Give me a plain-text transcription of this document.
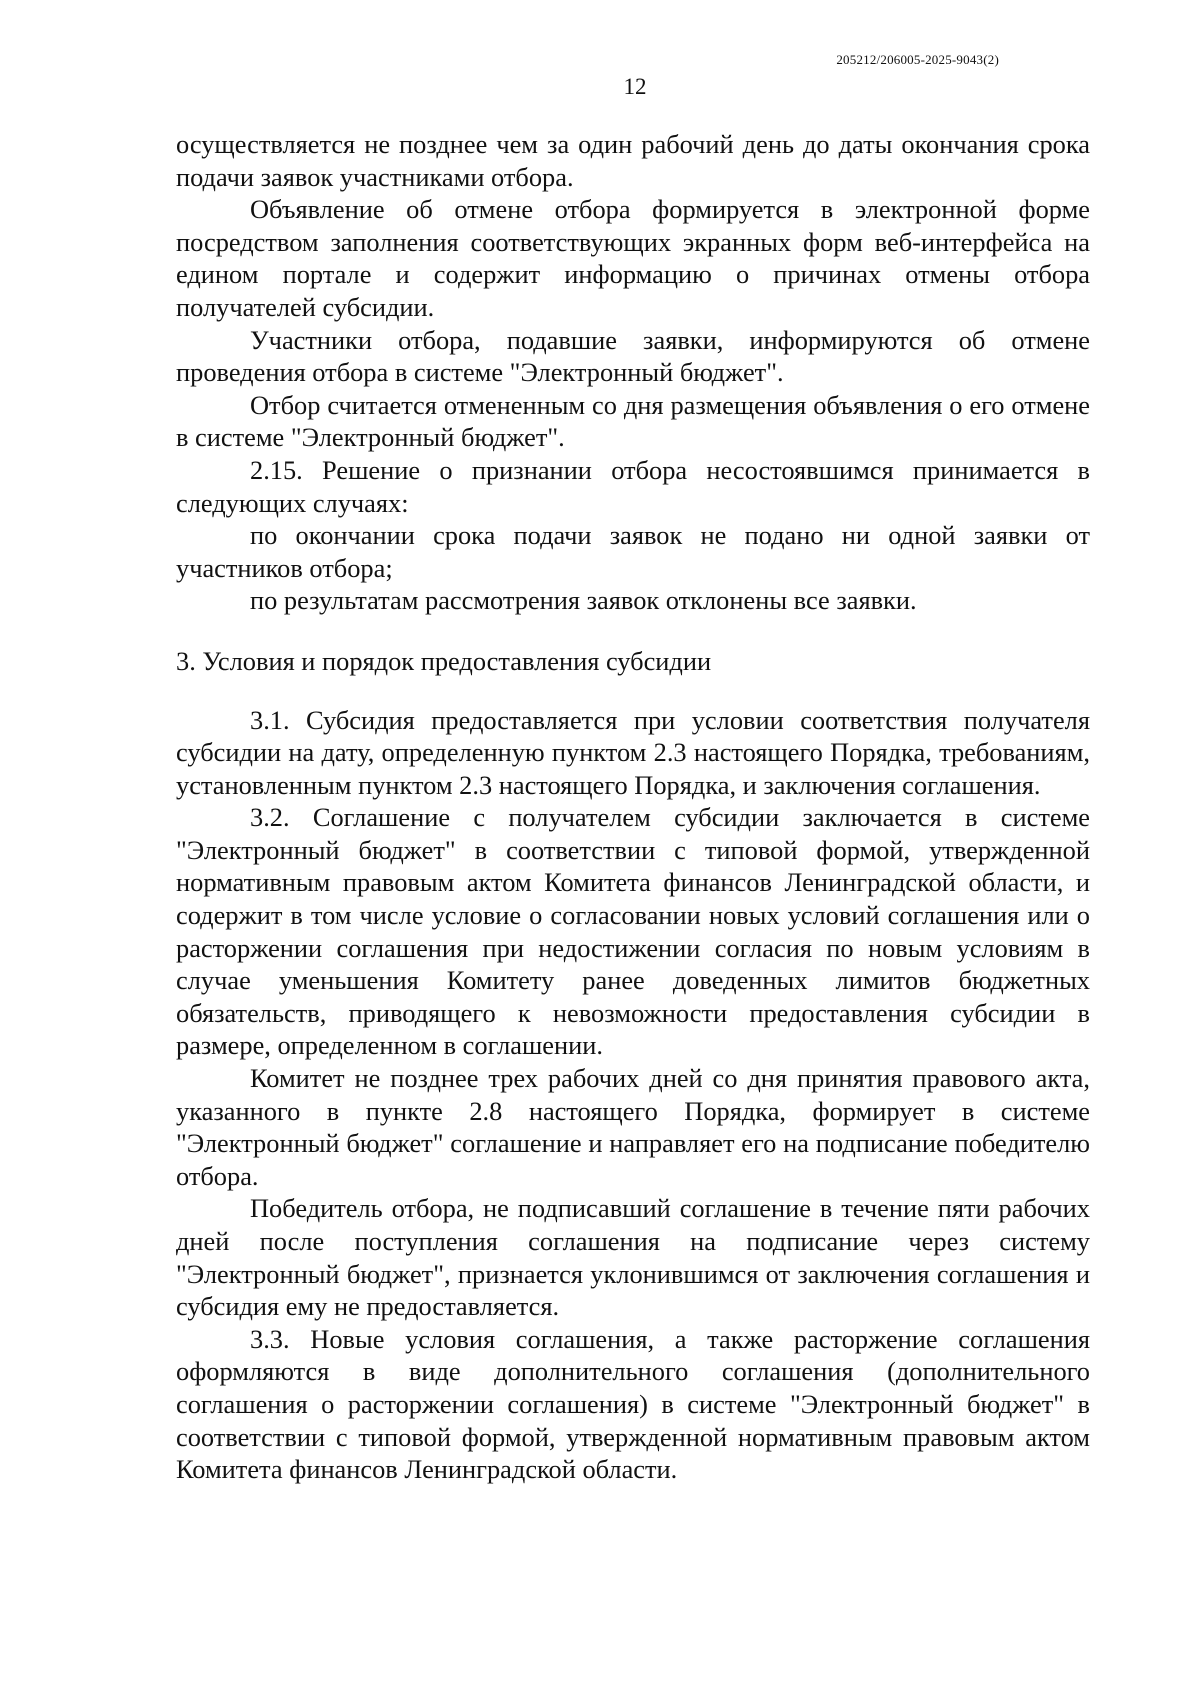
205212/206005-2025-9043(2)
12

осуществляется не позднее чем за один рабочий день до даты окончания срока подачи заявок участниками отбора.

Объявление об отмене отбора формируется в электронной форме посредством заполнения соответствующих экранных форм веб-интерфейса на едином портале и содержит информацию о причинах отмены отбора получателей субсидии.

Участники отбора, подавшие заявки, информируются об отмене проведения отбора в системе "Электронный бюджет".

Отбор считается отмененным со дня размещения объявления о его отмене в системе "Электронный бюджет".

2.15. Решение о признании отбора несостоявшимся принимается в следующих случаях:

по окончании срока подачи заявок не подано ни одной заявки от участников отбора;

по результатам рассмотрения заявок отклонены все заявки.

3. Условия и порядок предоставления субсидии

3.1. Субсидия предоставляется при условии соответствия получателя субсидии на дату, определенную пунктом 2.3 настоящего Порядка, требованиям, установленным пунктом 2.3 настоящего Порядка, и заключения соглашения.

3.2. Соглашение с получателем субсидии заключается в системе "Электронный бюджет" в соответствии с типовой формой, утвержденной нормативным правовым актом Комитета финансов Ленинградской области, и содержит в том числе условие о согласовании новых условий соглашения или о расторжении соглашения при недостижении согласия по новым условиям в случае уменьшения Комитету ранее доведенных лимитов бюджетных обязательств, приводящего к невозможности предоставления субсидии в размере, определенном в соглашении.

Комитет не позднее трех рабочих дней со дня принятия правового акта, указанного в пункте 2.8 настоящего Порядка, формирует в системе "Электронный бюджет" соглашение и направляет его на подписание победителю отбора.

Победитель отбора, не подписавший соглашение в течение пяти рабочих дней после поступления соглашения на подписание через систему "Электронный бюджет", признается уклонившимся от заключения соглашения и субсидия ему не предоставляется.

3.3. Новые условия соглашения, а также расторжение соглашения оформляются в виде дополнительного соглашения (дополнительного соглашения о расторжении соглашения) в системе "Электронный бюджет" в соответствии с типовой формой, утвержденной нормативным правовым актом Комитета финансов Ленинградской области.
